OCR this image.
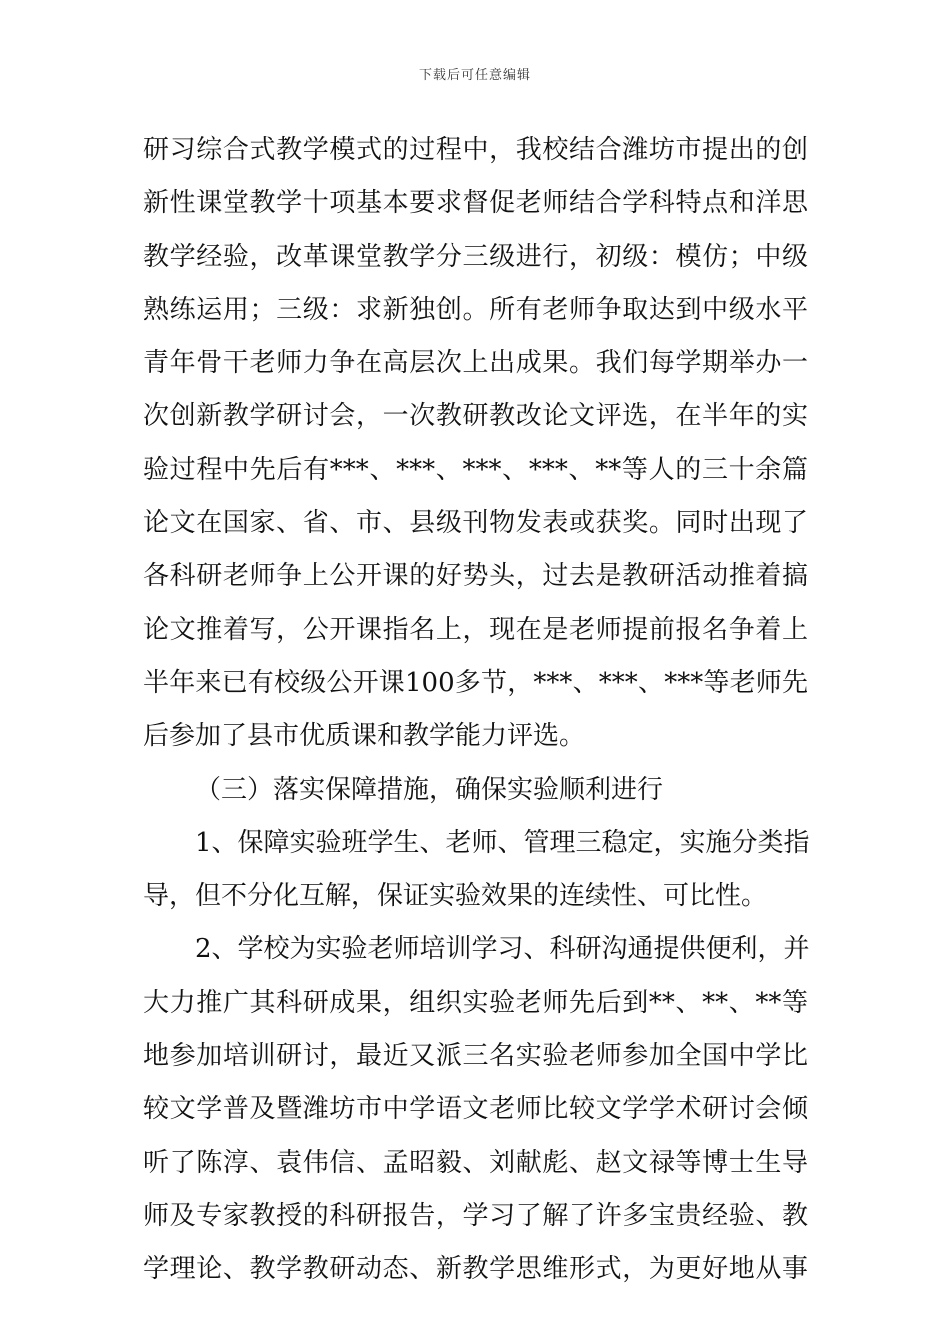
下载后可任意编辑
研习综合式教学模式的过程中，我校结合潍坊市提出的创
新性课堂教学十项基本要求督促老师结合学科特点和洋思
教学经验，改革课堂教学分三级进行，初级：模仿；中级
熟练运用；三级：求新独创。所有老师争取达到中级水平
青年骨干老师力争在高层次上出成果。我们每学期举办一
次创新教学研讨会，一次教研教改论文评选，在半年的实
验过程中先后有***、***、***、***、**等人的三十余篇
论文在国家、省、市、县级刊物发表或获奖。同时出现了
各科研老师争上公开课的好势头，过去是教研活动推着搞
论文推着写，公开课指名上，现在是老师提前报名争着上
半年来已有校级公开课100多节，***、***、***等老师先
后参加了县市优质课和教学能力评选。
（三）落实保障措施，确保实验顺利进行
1、保障实验班学生、老师、管理三稳定，实施分类指
导，但不分化互解，保证实验效果的连续性、可比性。
2、学校为实验老师培训学习、科研沟通提供便利，并
大力推广其科研成果，组织实验老师先后到**、**、**等
地参加培训研讨，最近又派三名实验老师参加全国中学比
较文学普及暨潍坊市中学语文老师比较文学学术研讨会倾
听了陈淳、袁伟信、孟昭毅、刘献彪、赵文禄等博士生导
师及专家教授的科研报告，学习了解了许多宝贵经验、教
学理论、教学教研动态、新教学思维形式，为更好地从事
